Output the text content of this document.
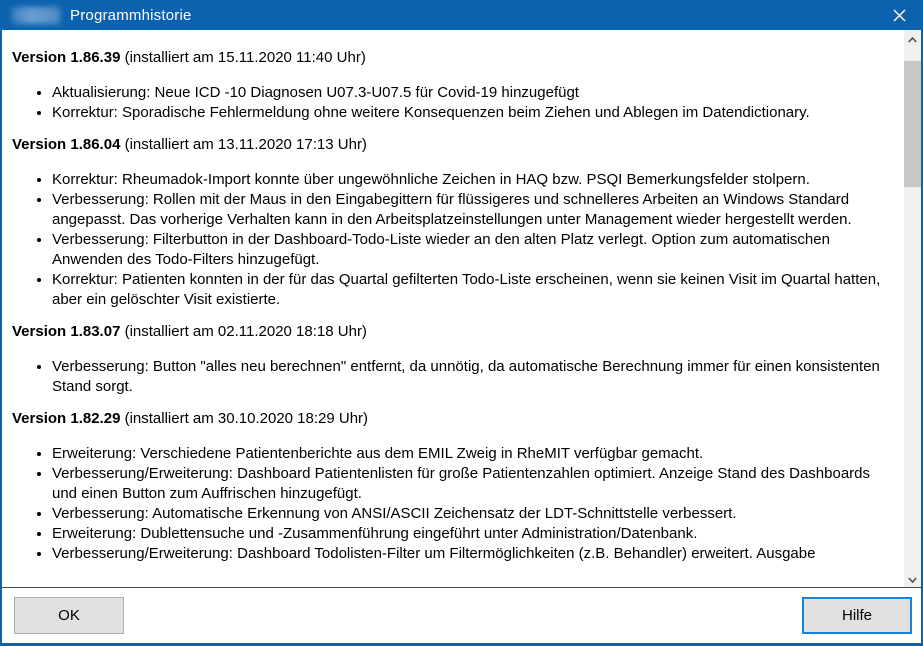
Programmhistorie
Version 1.86.39 (installiert am 15.11.2020 11:40 Uhr)
• Aktualisierung: Neue ICD -10 Diagnosen U07.3-U07.5 für Covid-19 hinzugefügt
• Korrektur: Sporadische Fehlermeldung ohne weitere Konsequenzen beim Ziehen und Ablegen im Datendictionary.
Version 1.86.04 (installiert am 13.11.2020 17:13 Uhr)
• Korrektur: Rheumadok-Import konnte über ungewöhnliche Zeichen in HAQ bzw. PSQI Bemerkungsfelder stolpern.
• Verbesserung: Rollen mit der Maus in den Eingabegittern für flüssigeres und schnelleres Arbeiten an Windows Standard angepasst. Das vorherige Verhalten kann in den Arbeitsplatzeinstellungen unter Management wieder hergestellt werden.
• Verbesserung: Filterbutton in der Dashboard-Todo-Liste wieder an den alten Platz verlegt. Option zum automatischen Anwenden des Todo-Filters hinzugefügt.
• Korrektur: Patienten konnten in der für das Quartal gefilterten Todo-Liste erscheinen, wenn sie keinen Visit im Quartal hatten, aber ein gelöschter Visit existierte.
Version 1.83.07 (installiert am 02.11.2020 18:18 Uhr)
• Verbesserung: Button "alles neu berechnen" entfernt, da unnötig, da automatische Berechnung immer für einen konsistenten Stand sorgt.
Version 1.82.29 (installiert am 30.10.2020 18:29 Uhr)
• Erweiterung: Verschiedene Patientenberichte aus dem EMIL Zweig in RheMIT verfügbar gemacht.
• Verbesserung/Erweiterung: Dashboard Patientenlisten für große Patientenzahlen optimiert. Anzeige Stand des Dashboards und einen Button zum Auffrischen hinzugefügt.
• Verbesserung: Automatische Erkennung von ANSI/ASCII Zeichensatz der LDT-Schnittstelle verbessert.
• Erweiterung: Dublettensuche und -Zusammenführung eingeführt unter Administration/Datenbank.
• Verbesserung/Erweiterung: Dashboard Todolisten-Filter um Filtermöglichkeiten (z.B. Behandler) erweitert. Ausgabe
OK	Hilfe
